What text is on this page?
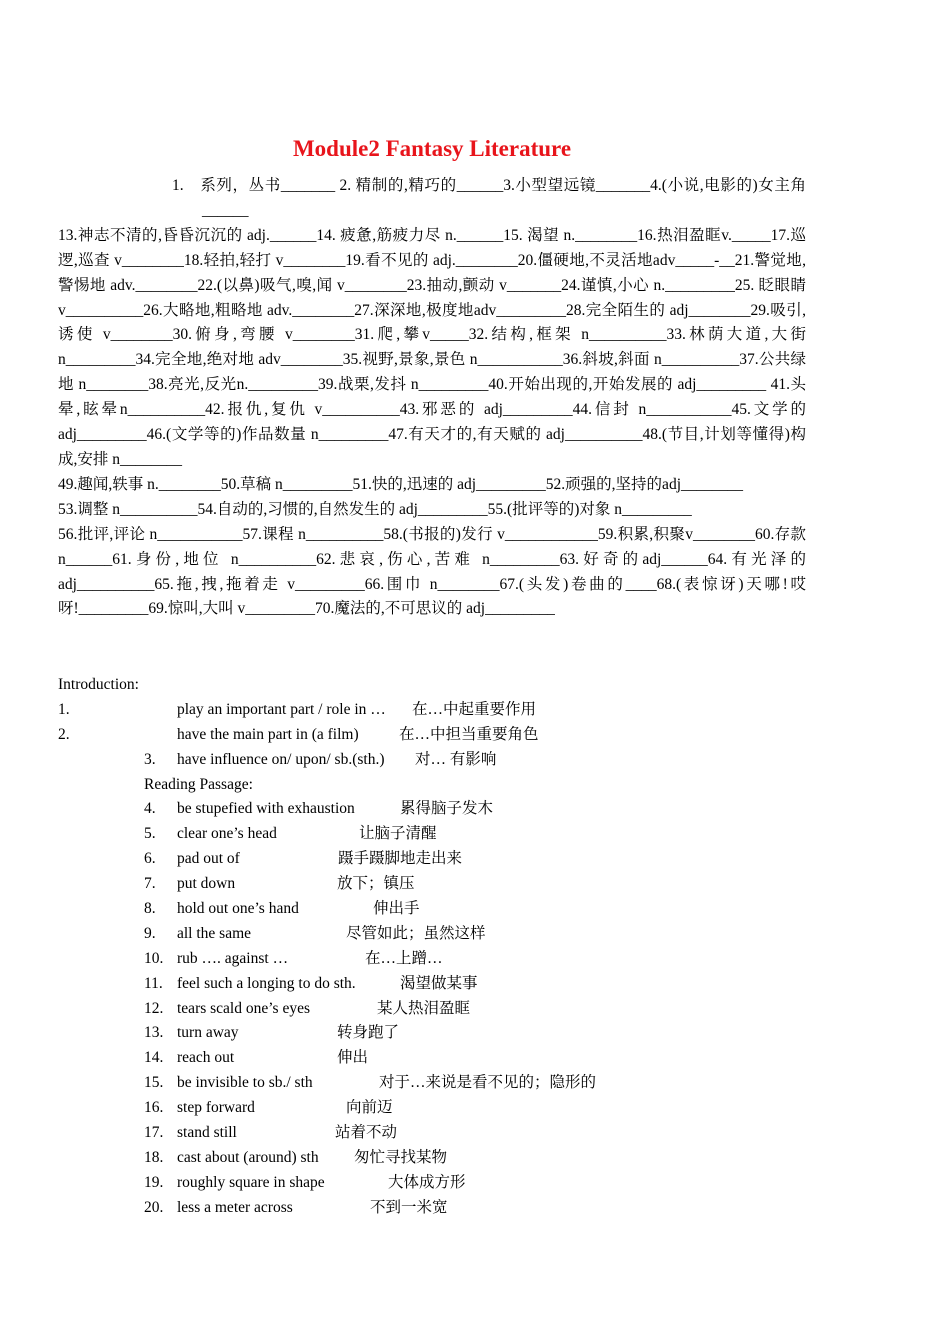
Module2 Fantasy Literature

1.　系列，丛书_______ 2. 精制的,精巧的______3.小型望远镜_______4.(小说,电影的)女主角______

13.神志不清的,昏昏沉沉的 adj.______14. 疲惫,筋疲力尽 n.______15. 渴望 n.________16.热泪盈眶v._____17.巡逻,巡查 v________18.轻拍,轻打 v________19.看不见的 adj.________20.僵硬地,不灵活地adv_____-__21.警觉地,警惕地 adv.________22.(以鼻)吸气,嗅,闻 v________23.抽动,颤动 v_______24.谨慎,小心 n._________25. 眨眼睛 v__________26.大略地,粗略地 adv.________27.深深地,极度地adv_________28.完全陌生的 adj________29.吸引,诱使 v________30.俯身,弯腰 v________31.爬,攀v_____32.结构,框架 n__________33.林荫大道,大街 n_________34.完全地,绝对地 adv________35.视野,景象,景色 n___________36.斜坡,斜面 n__________37.公共绿地 n________38.亮光,反光n._________39.战栗,发抖 n_________40.开始出现的,开始发展的 adj_________ 41.头晕,眩晕n__________42.报仇,复仇 v__________43.邪恶的 adj_________44.信封 n___________45.文学的adj_________46.(文学等的)作品数量 n_________47.有天才的,有天赋的 adj__________48.(节目,计划等懂得)构成,安排 n________

49.趣闻,轶事 n.________50.草稿 n_________51.快的,迅速的 adj_________52.顽强的,坚持的adj________

53.调整 n__________54.自动的,习惯的,自然发生的 adj_________55.(批评等的)对象 n_________

56.批评,评论 n___________57.课程 n__________58.(书报的)发行 v____________59.积累,积聚v________60.存款 n______61.身份,地位 n__________62.悲哀,伤心,苦难 n_________63.好奇的adj______64.有光泽的 adj__________65.拖,拽,拖着走 v_________66.围巾 n________67.(头发)卷曲的____68.(表惊讶)天哪!哎呀!_________69.惊叫,大叫 v_________70.魔法的,不可思议的 adj_________

Introduction:
1.	play an important part / role in … 在…中起重要作用
2.	have the main part in (a film)	在…中担当重要角色
3. have influence on/ upon/ sb.(sth.) 对… 有影响
Reading Passage:
4. be stupefied with exhaustion	累得脑子发木
5. clear one’s head	让脑子清醒
6. pad out of	蹑手蹑脚地走出来
7. put down	放下；镇压
8. hold out one’s hand	伸出手
9. all the same	尽管如此；虽然这样
10. rub …. against …	在…上蹭…
11. feel such a longing to do sth.	渴望做某事
12. tears scald one’s eyes	某人热泪盈眶
13. turn away	转身跑了
14. reach out	伸出
15. be invisible to sb./ sth	对于…来说是看不见的；隐形的
16. step forward	向前迈
17. stand still	站着不动
18. cast about (around) sth 匆忙寻找某物
19. roughly square in shape	大体成方形
20. less a meter across	不到一米宽
